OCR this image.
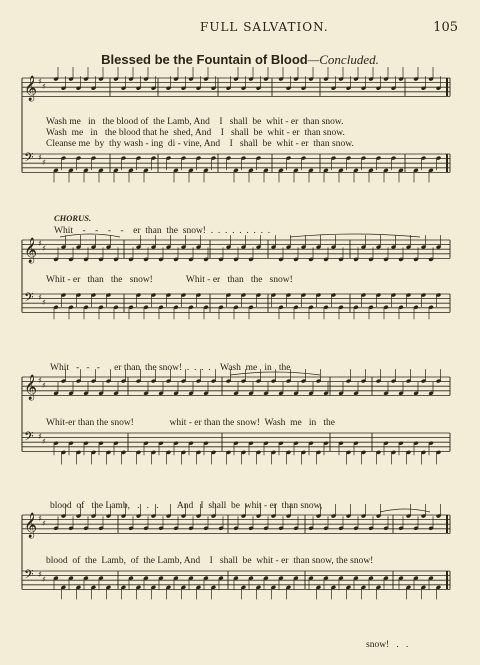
FULL SALVATION.	105
Blessed be the Fountain of Blood—Concluded.
𝄞 ♯
♯
𝄢 ♯
♯
𝄞 ♯
♯
𝄢 ♯
♯
𝄞 ♯
♯
𝄢 ♯
♯
𝄞 ♯
♯
𝄢 ♯
♯
Wash me   in   the blood of  the Lamb, And    I   shall  be  whit - er  than snow.
Wash  me   in   the blood that he  shed, And    I   shall  be  whit - er  than snow.
Cleanse me  by  thy wash - ing  di - vine, And    I   shall  be  whit - er  than snow.
CHORUS.
Whit    -    -    -    -    er  than  the  snow!  .  .  .  .  .  .  .  .  .
Whit - er   than   the   snow!              Whit - er   than   the   snow!
Whit   -   -   -      er than  the snow!  .  .  .  .    Wash  me   in   the
Whit-er than the snow!               whit - er than the snow!  Wash  me   in   the
blood  of   the Lamb,   .   .   .        And   I  shall  be  whit - er  than snow,
blood  of  the  Lamb,  of  the Lamb, And    I   shall  be  whit - er  than snow, the snow!
snow!   .   .
